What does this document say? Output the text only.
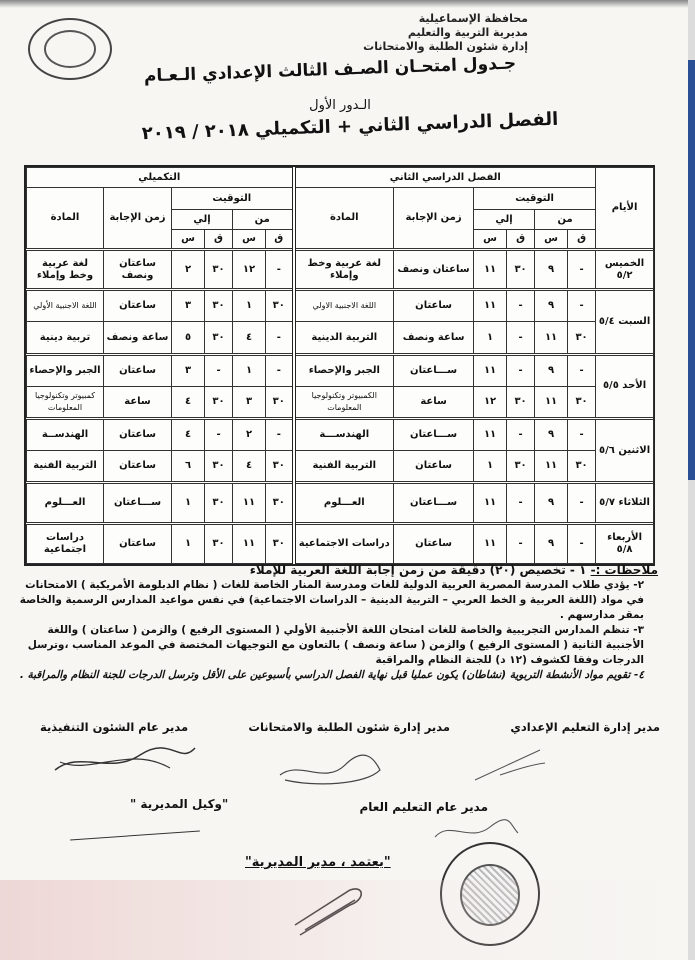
محافظة الإسماعيلية
مديرية التربية والتعليم
إدارة شئون الطلبة والامتحانات
جـدول امتحـان الصـف الثالث الإعدادي الـعـام
الـدور الأول
الفصل الدراسي الثاني + التكميلي ٢٠١٨ / ٢٠١٩
الأيام	الفصل الدراسي الثاني						التكميلي					
	التوقيت				زمن الإجابة	المادة	التوقيت				زمن الإجابة	المادة
	من		إلي				من		إلي			
	ق	س	ق	س			ق	س	ق	س		
الخميس ٥/٢	-	٩	٣٠	١١	ساعتان ونصف	لغة عربية وخط وإملاء	-	١٢	٣٠	٢	ساعتان ونصف	لغة عربية وخط وإملاء
السبت ٥/٤	-	٩	-	١١	ساعتان	اللغة الاجنبية الاولي	٣٠	١	٣٠	٣	ساعتان	اللغة الاجنبية الأولي
	٣٠	١١	-	١	ساعة ونصف	التربية الدينية	-	٤	٣٠	٥	ساعة ونصف	تربية دينية
الأحد ٥/٥	-	٩	-	١١	ســـاعتان	الجبر والإحصاء	-	١	-	٣	ساعتان	الجبر والإحصاء
	٣٠	١١	٣٠	١٢	ساعة	الكمبيوتر وتكنولوجيا المعلومات	٣٠	٣	٣٠	٤	ساعة	كمبيوتر وتكنولوجيا المعلومات
الاثنين ٥/٦	-	٩	-	١١	ســـاعتان	الهندســـة	-	٢	-	٤	ساعتان	الهندســة
	٣٠	١١	٣٠	١	ساعتان	التربية الفنية	٣٠	٤	٣٠	٦	ساعتان	التربية الفنية
الثلاثاء ٥/٧	-	٩	-	١١	ســـاعتان	العـــلوم	٣٠	١١	٣٠	١	ســـاعتان	العـــلوم
الأربعاء ٥/٨	-	٩	-	١١	ساعتان	دراسات الاجتماعية	٣٠	١١	٣٠	١	ساعتان	دراسات اجتماعية
ملاحظات :- ١ - تخصيص (٢٠) دقيقة من زمن إجابة اللغة العربية للإملاء
٢- يؤدي طلاب المدرسة المصرية العربية الدولية للغات ومدرسة المنار الخاصة للغات ( نظام الدبلومة الأمريكية ) الامتحانات في مواد (اللغة العربية و الخط العربي – التربية الدينية – الدراسات الاجتماعية) في نفس مواعيد المدارس الرسمية والخاصة بمقر مدارسهم .
٣- تنظم المدارس التجريبية والخاصة للغات امتحان اللغة الأجنبية الأولي ( المستوى الرفيع ) والزمن ( ساعتان ) واللغة الأجنبية الثانية ( المستوى الرفيع ) والزمن ( ساعة ونصف ) بالتعاون مع التوجيهات المختصة في الموعد المناسب ،وترسل الدرجات وفقا لكشوف (١٢ د) للجنة النظام والمراقبة
٤- تقويم مواد الأنشطة التربوية (نشاطان) يكون عمليا قبل نهاية الفصل الدراسي بأسبوعين على الأقل وترسل الدرجات للجنة النظام والمراقبة .
مدير إدارة التعليم الإعدادي
مدير إدارة شئون الطلبة والامتحانات
مدير عام الشئون التنفيذية
مدير عام التعليم العام
"وكيل المديرية "
"يعتمد ، مدير المديرية"
